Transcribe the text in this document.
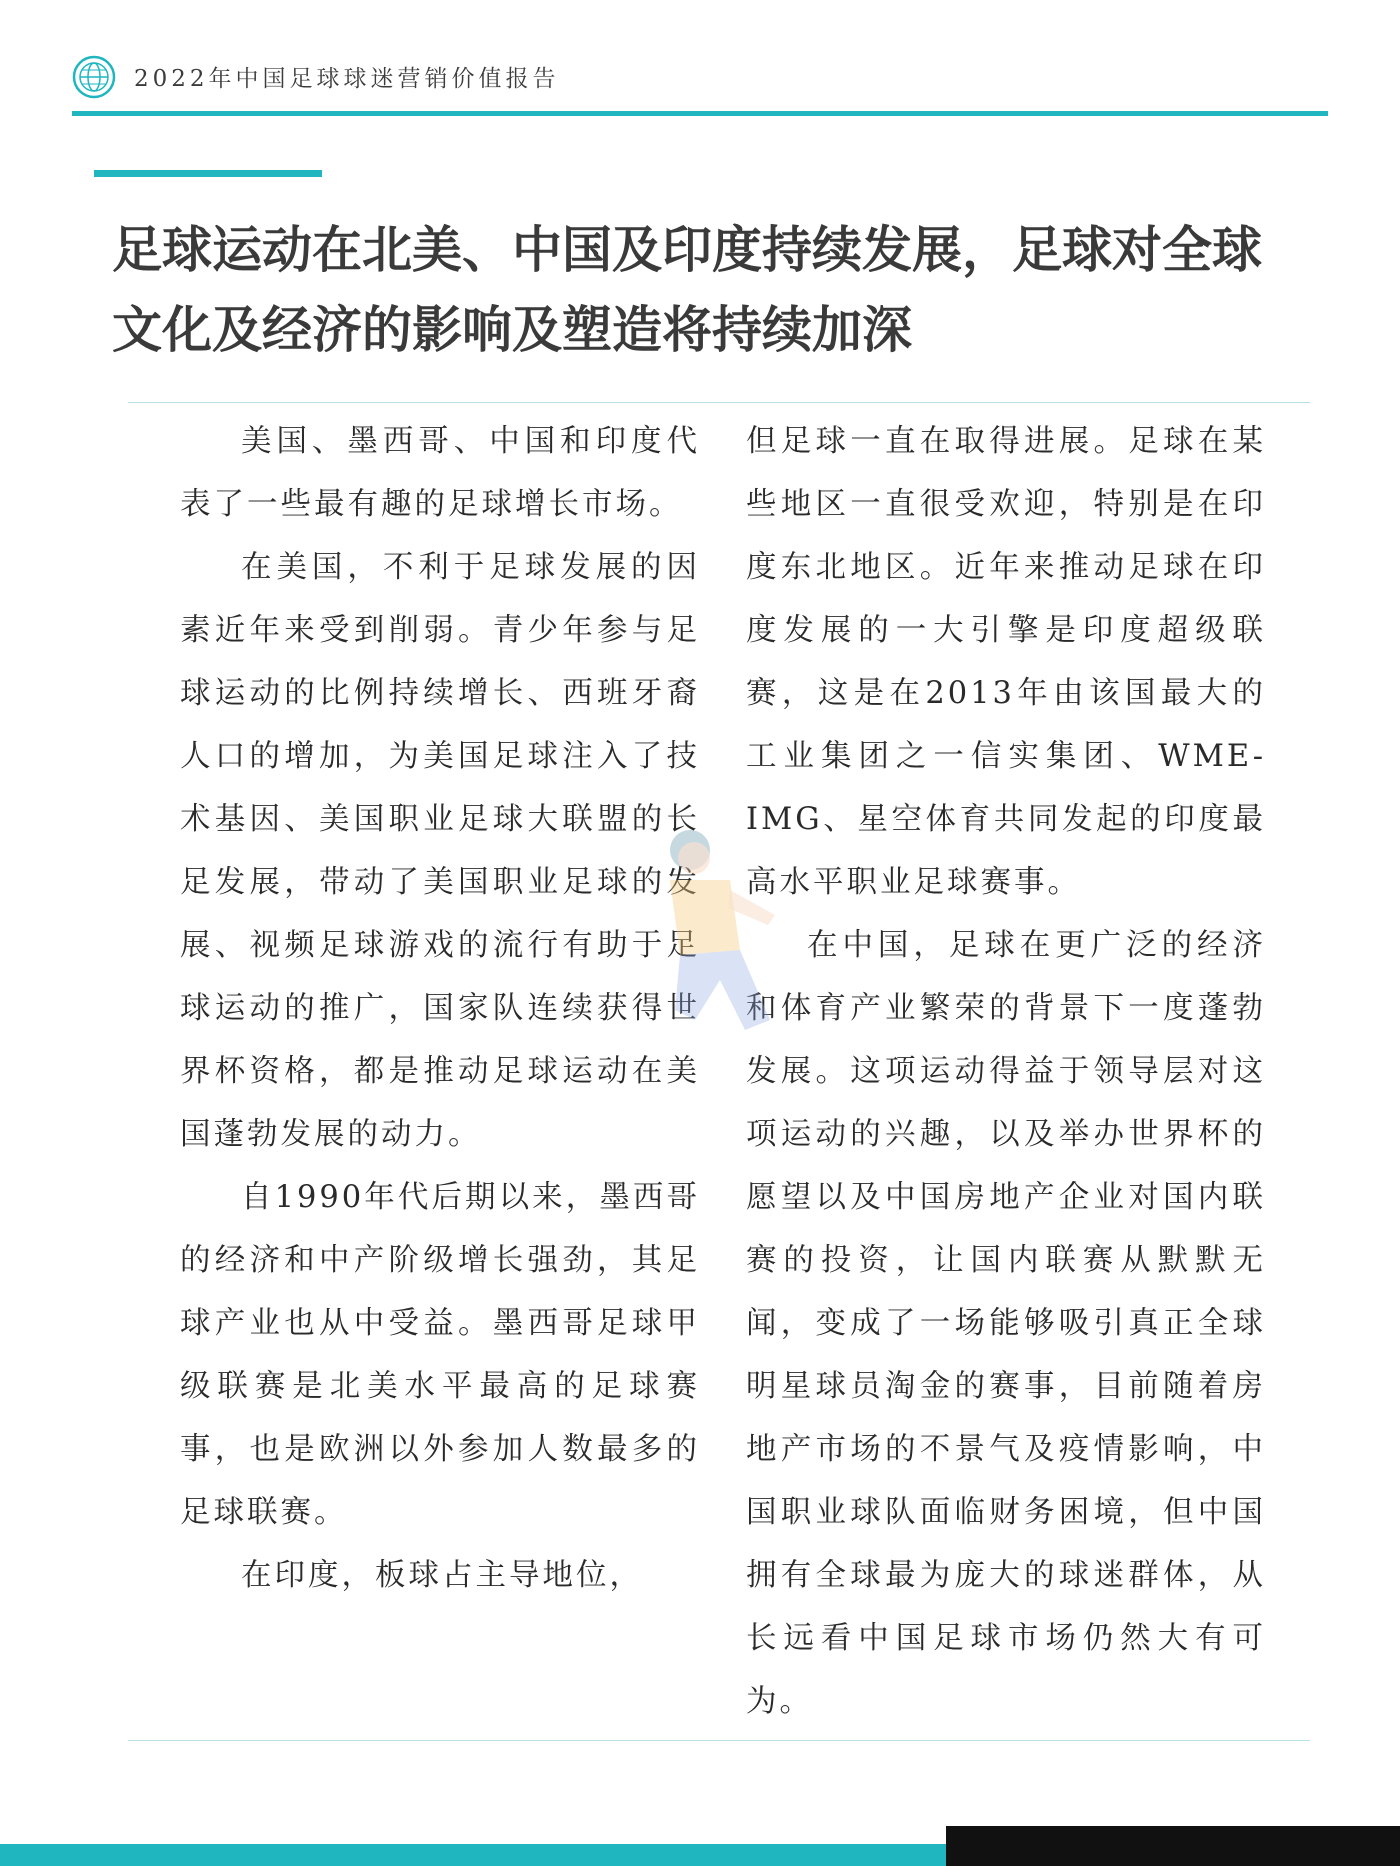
2022年中国足球球迷营销价值报告
足球运动在北美、中国及印度持续发展，足球对全球文化及经济的影响及塑造将持续加深

美国、墨西哥、中国和印度代表了一些最有趣的足球增长市场。

在美国，不利于足球发展的因素近年来受到削弱。青少年参与足球运动的比例持续增长、西班牙裔人口的增加，为美国足球注入了技术基因、美国职业足球大联盟的长足发展，带动了美国职业足球的发展、视频足球游戏的流行有助于足球运动的推广，国家队连续获得世界杯资格，都是推动足球运动在美国蓬勃发展的动力。

自1990年代后期以来，墨西哥的经济和中产阶级增长强劲，其足球产业也从中受益。墨西哥足球甲级联赛是北美水平最高的足球赛事，也是欧洲以外参加人数最多的足球联赛。

在印度，板球占主导地位，

但足球一直在取得进展。足球在某些地区一直很受欢迎，特别是在印度东北地区。近年来推动足球在印度发展的一大引擎是印度超级联赛，这是在2013年由该国最大的工业集团之一信实集团、WME-IMG、星空体育共同发起的印度最高水平职业足球赛事。

在中国，足球在更广泛的经济和体育产业繁荣的背景下一度蓬勃发展。这项运动得益于领导层对这项运动的兴趣，以及举办世界杯的愿望以及中国房地产企业对国内联赛的投资，让国内联赛从默默无闻，变成了一场能够吸引真正全球明星球员淘金的赛事，目前随着房地产市场的不景气及疫情影响，中国职业球队面临财务困境，但中国拥有全球最为庞大的球迷群体，从长远看中国足球市场仍然大有可为。
